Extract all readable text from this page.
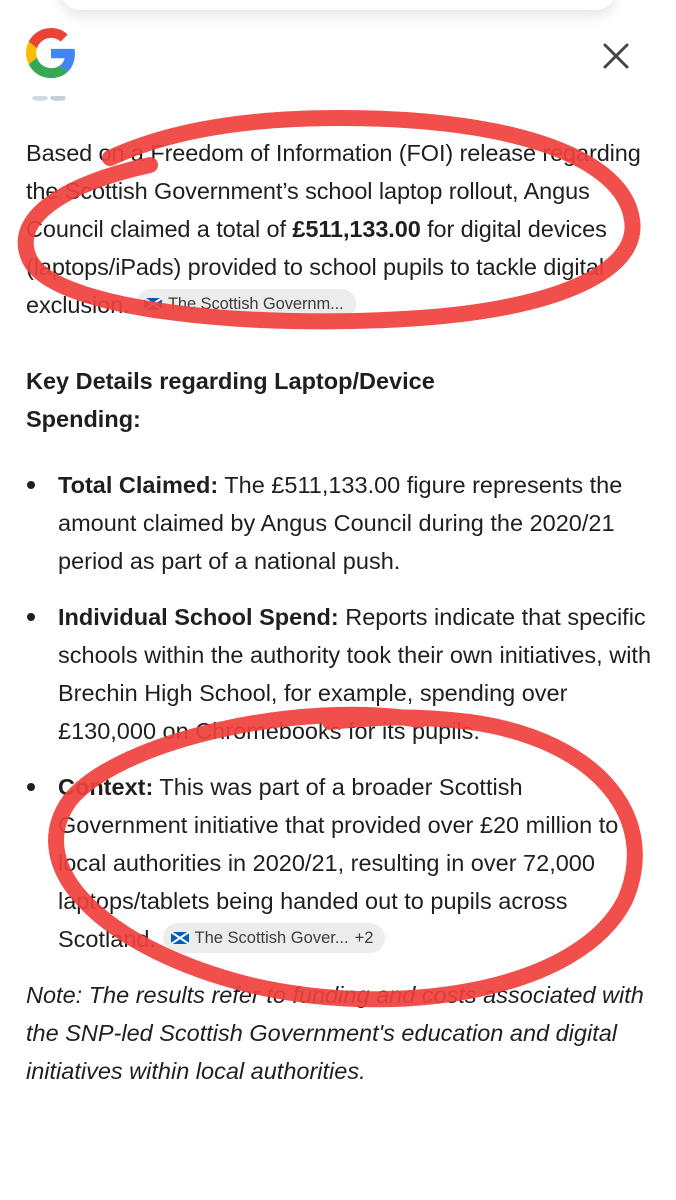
Based on a Freedom of Information (FOI) release regarding the Scottish Government’s school laptop rollout, Angus Council claimed a total of £511,133.00 for digital devices (laptops/iPads) provided to school pupils to tackle digital exclusion. The Scottish Governm...

Key Details regarding Laptop/Device Spending:
Total Claimed: The £511,133.00 figure represents the amount claimed by Angus Council during the 2020/21 period as part of a national push.
Individual School Spend: Reports indicate that specific schools within the authority took their own initiatives, with Brechin High School, for example, spending over £130,000 on Chromebooks for its pupils.
Context: This was part of a broader Scottish Government initiative that provided over £20 million to local authorities in 2020/21, resulting in over 72,000 laptops/tablets being handed out to pupils across Scotland. The Scottish Gover... +2

Note: The results refer to funding and costs associated with the SNP-led Scottish Government's education and digital initiatives within local authorities.
